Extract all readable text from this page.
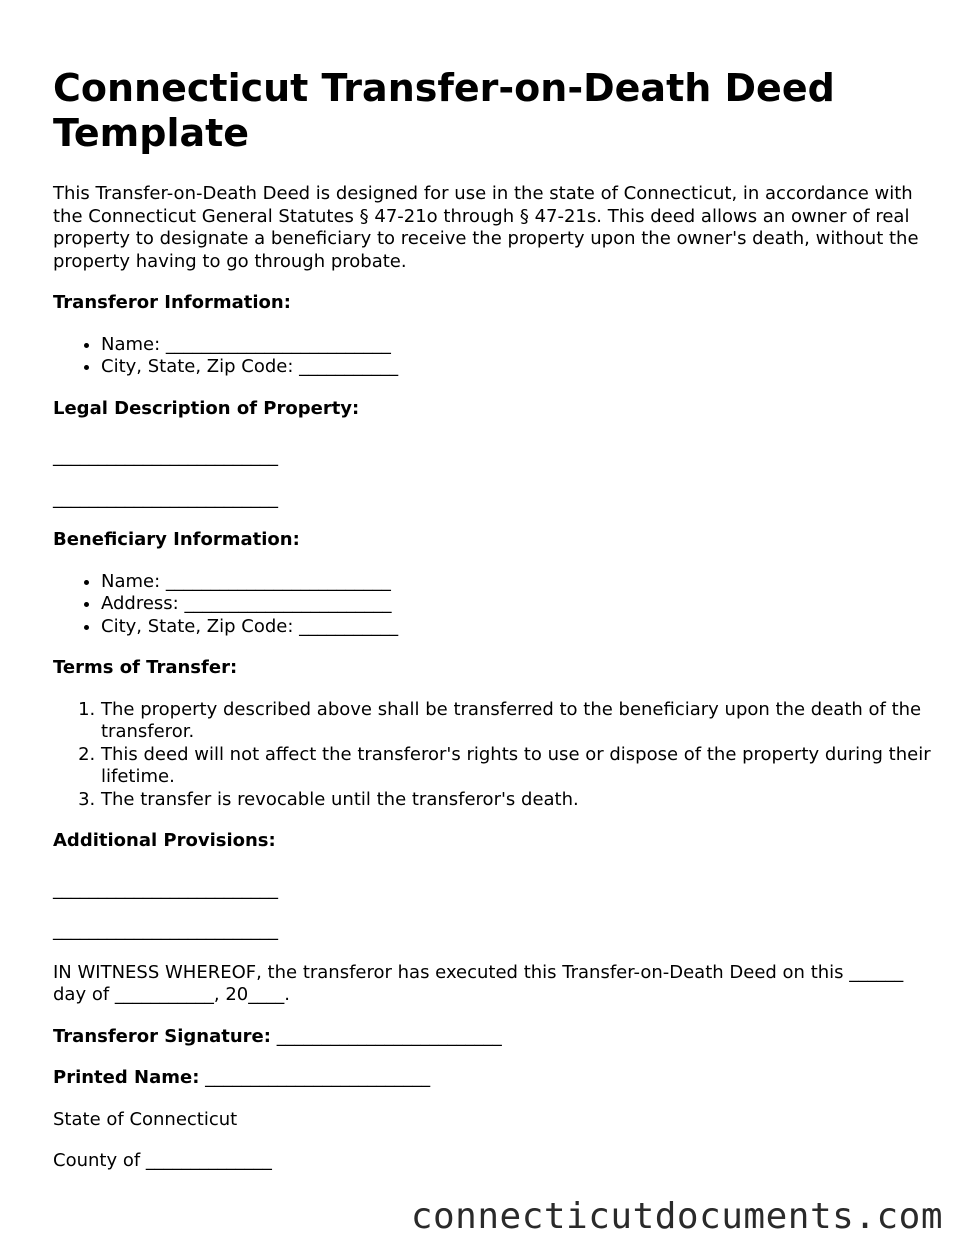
Connecticut Transfer-on-Death Deed Template

This Transfer-on-Death Deed is designed for use in the state of Connecticut, in accordance with the Connecticut General Statutes § 47-21o through § 47-21s. This deed allows an owner of real property to designate a beneficiary to receive the property upon the owner's death, without the property having to go through probate.

Transferor Information:

• Name: _________________________
• City, State, Zip Code: ___________

Legal Description of Property:

_________________________
_________________________

Beneficiary Information:

• Name: _________________________
• Address: _______________________
• City, State, Zip Code: ___________

Terms of Transfer:

1. The property described above shall be transferred to the beneficiary upon the death of the transferor.
2. This deed will not affect the transferor's rights to use or dispose of the property during their lifetime.
3. The transfer is revocable until the transferor's death.

Additional Provisions:

_________________________
_________________________

IN WITNESS WHEREOF, the transferor has executed this Transfer-on-Death Deed on this ______ day of ___________, 20____.

Transferor Signature: _________________________

Printed Name: _________________________

State of Connecticut

County of ______________

connecticutdocuments.com
